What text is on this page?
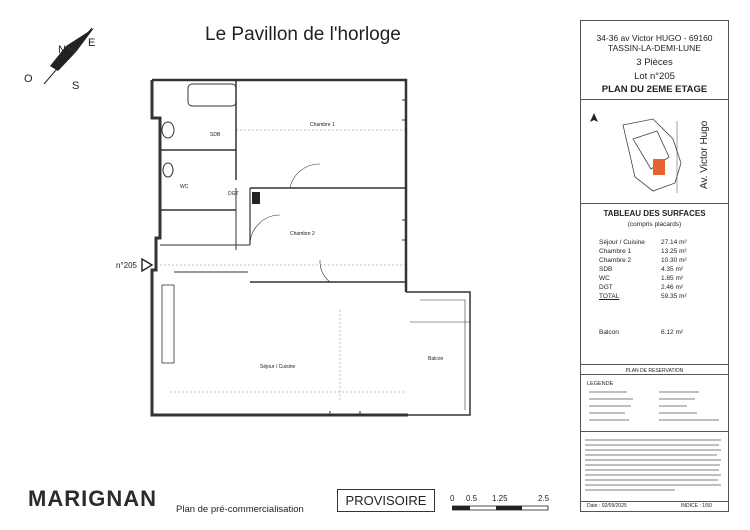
Le Pavillon de l'horloge
N
E
S
O
SDB
Chambre 1
WC
DGT
Chambre 2
Séjour / Cuisine
Balcon
n°205
34-36 av Victor HUGO - 69160
TASSIN-LA-DEMI-LUNE
3 Pièces
Lot n°205
PLAN DU 2EME ETAGE
Av. Victor Hugo
TABLEAU DES SURFACES
(compris placards)
Séjour / Cuisine 27.14 m²
Chambre 1	13.25 m²
Chambre 2	10.30 m²
SDB	4.35 m²
WC	1.85 m²
DGT	2.46 m²
TOTAL	59.35 m²
Balcon	6.12 m²
PLAN DE RESERVATION
LEGENDE
Date : 02/09/2025	INDICE : 1/50
MARIGNAN Plan de pré-commercialisation
PROVISOIRE	0 0.5 1.25	2.5
